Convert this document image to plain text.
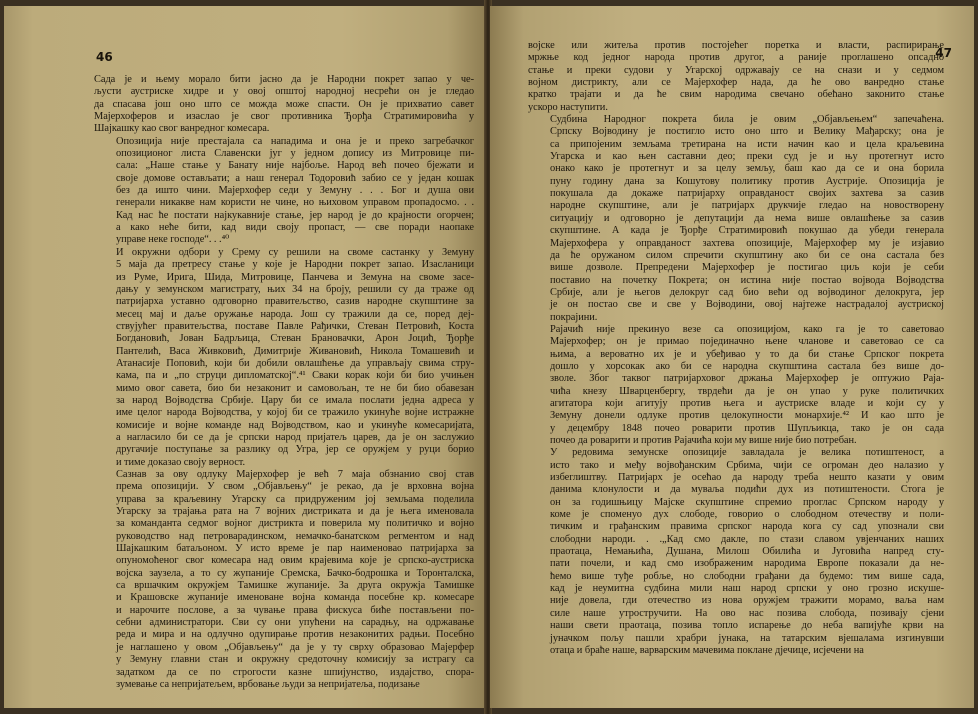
46

Сада је и њему морало бити јасно да је Народни покрет запао у че-
љусти аустриске хидре и у овој општој народној несрећи он је гледао
да спасава још оно што се можда може спасти. Он је прихватио савет
Мајерхоферов и изаслао је свог противника Ђорђа Стратимировића у
Шајкашку као свог ванредног комесара.

Опозиција није престајала са нападима и она је и преко загребачког
опозиционог листа Славенски југ у једном допису из Митровице пи-
сала: „Наше стање у Банату није најбоље. Народ већ почео бјежати и
своје домове остављати; а наш генерал Тодоровић забио се у један кошак
без да ишто чини. Мајерхофер седи у Земуну . . . Бог и душа ови
генерали никакве нам користи не чине, но њиховом управом пропадосмо. . .
Кад нас ће постати најкукавније стање, јер народ је до крајности огорчен;
а како неће бити, кад види своју пропаст, — све поради наопаке
управе неке господе“. . .⁴⁰

И окружни одбори у Срему су решили на своме састанку у Земуну
5 маја да претресу стање у које је Народни покрет запао. Изасланици
из Руме, Ирига, Шида, Митровице, Панчева и Земуна на своме засе-
дању у земунском магистрату, њих 34 на броју, решили су да траже од
патријарха уставно одговорно правитељство, сазив народне скупштине за
месец мај и даље оружање народа. Још су тражили да се, поред деј-
ствујућег правитељства, поставе Павле Рађички, Стеван Петровић, Коста
Богдановић, Јован Бадрљица, Стеван Брановачки, Арон Јоцић, Ђорђе
Пантелић, Васа Живковић, Димитрије Живановић, Никола Томашевић и
Атанасије Поповић, који би добили овлашћење да управљају свима стру-
кама, па и „по струци дипломатској“.⁴¹ Сваки корак који би био учињен
мимо овог савета, био би незаконит и самовољан, те не би био обавезан
за народ Војводства Србије. Цару би се имала послати једна адреса у
име целог народа Војводства, у којој би се тражило укинуће војне истражне
комисије и војне команде над Војводством, као и укинуће комесаријата,
а нагласило би се да је српски народ пријатељ царев, да је он заслужио
другачије поступање за разлику од Угра, јер се оружјем у руци борио
и тиме доказао своју верност.

Сазнав за ову одлуку Мајерхофер је већ 7 маја обзнанио свој став
према опозицији. У свом „Објављењу“ је рекао, да је врховна војна
управа за краљевину Угарску са придруженим јој земљама поделила
Угарску за трајања рата на 7 војних дистриката и да је њега именовала
за команданта седмог војног дистрикта и поверила му политичко и војно
руководство над петроварадинском, немачко-банатском регментом и над
Шајкашким батаљоном. У исто време је пар наименовао патријарха за
опуномоћеног свог комесара над овим крајевима које је српско-аустриска
војска заузела, а то су жупаније Сремска, Бачко-бодрошка и Торонталска,
са вршачким окружјем Тамишке жупаније. За друга окружја Тамишке
и Крашовске жупаније именоване војна команда посебне кр. комесаре
и нарочите послове, а за чување права фискуса биће постављени по-
себни администратори. Сви су они упућени на сарадњу, на одржавање
реда и мира и на одлучно одупирање против незаконитих радњи. Посебно
је наглашено у овом „Објављењу“ да је у ту сврху образовао Мајерфер
у Земуну главни стан и окружну средоточну комисију за истрагу са
задатком да се по строгости казне шпијунство, издајство, спора-
зумевање са непријатељем, врбовање људи за непријатеља, подизање

47

војске или житеља против постојећег поретка и власти, распирирање
мржње код једног народа против другог, а раније проглашено опсадно
стање и преки судови у Угарској одржавају се на снази и у седмом
војном дистрикту, али се Мајерхофер нада, да ће ово ванредно стање
кратко трајати и да ће свим народима свечано обећано законито стање
ускоро наступити.

Судбина Народног покрета била је овим „Објављењем“ запечаћена.
Српску Војводину је постигло исто оно што и Велику Мађарску; она је
са припојеним земљама третирана на исти начин као и цела краљевина
Угарска и као њен саставни део; преки суд је и њу протегнут исто
онако како је протегнут и за целу земљу, баш као да се и она борила
пуну годину дана за Кошутову политику против Аустрије. Опозиција је
покушала да докаже патријарху оправданост својих захтева за сазив
народне скупштине, али је патријарх друкчије гледао на новостворену
ситуацију и одговорно је депутацији да нема више овлашћење за сазив
скупштине. А када је Ђорђе Стратимировић покушао да убеди генерала
Мајерхофера у оправданост захтева опозиције, Мајерхофер му је изјавио
да ће оружаном силом спречити скупштину ако би се она састала без
више дозволе. Препредени Мајерхофер је постигао циљ који је себи
поставио на почетку Покрета; он истина није постао војвода Војводства
Србије, али је његов делокруг сад био већи од војводиног делокруга, јер
је он постао све и све у Војводини, овој најтеже настрадалој аустриској
покрајини.

Рајачић није прекинуо везе са опозицијом, како га је то саветовао
Мајерхофер; он је примао појединачно њене чланове и саветовао се са
њима, а вероватно их је и убеђивао у то да би стање Српског покрета
дошло у хорсокак ако би се народна скупштина састала без више до-
зволе. Због таквог патријарховог држања Мајерхофер је оптужио Раја-
чића кнезу Шварценбергу, тврдећи да је он упао у руке политичких
агитатора који агитују против њега и аустриске владе и који су у
Земуну донели одлуке против целокупности монархије.⁴² И као што је
у децембру 1848 почео роварити против Шупљикца, тако је он сада
почео да роварити и против Рајачића који му више није био потребан.

У редовима земунске опозиције завладала је велика потиштеност, а
исто тако и међу војвођанским Србима, чији се огроман део налазио у
избеглиштву. Патријарх је осећао да народу треба нешто казати у овим
данима клонулости и да муваља подићи дух из потиштености. Стога је
он за годишњицу Мајске скупштине спремио проглас Српском народу у
коме је споменуо дух слободе, говорио о слободном отечеству и поли-
тичким и грађанским правима српског народа кога су сад упознали сви
слободни народи. . .„Кад смо дакле, по стази славом увјенчаних наших
праотаца, Немањића, Душана, Милош Обилића и Југовића напред сту-
пати почели, и кад смо изображеним народима Европе показали да не-
ћемо више туђе робље, но слободни грађани да будемо: тим више сада,
кад је неумитна судбина мили наш народ српски у оно грозно искуше-
није довела, гди отечество из нова оружјем тражити морамо, ваља нам
силе наше утростручити. На ово нас позива слобода, позивају сјени
наши свети праотаца, позива топло испарење до неба вапијуће крви на
јуначком пољу пашли храбри јунака, на татарским вјешалама изгинувши
отаца и браће наше, варварским мачевима поклане дјечице, исјечени на
